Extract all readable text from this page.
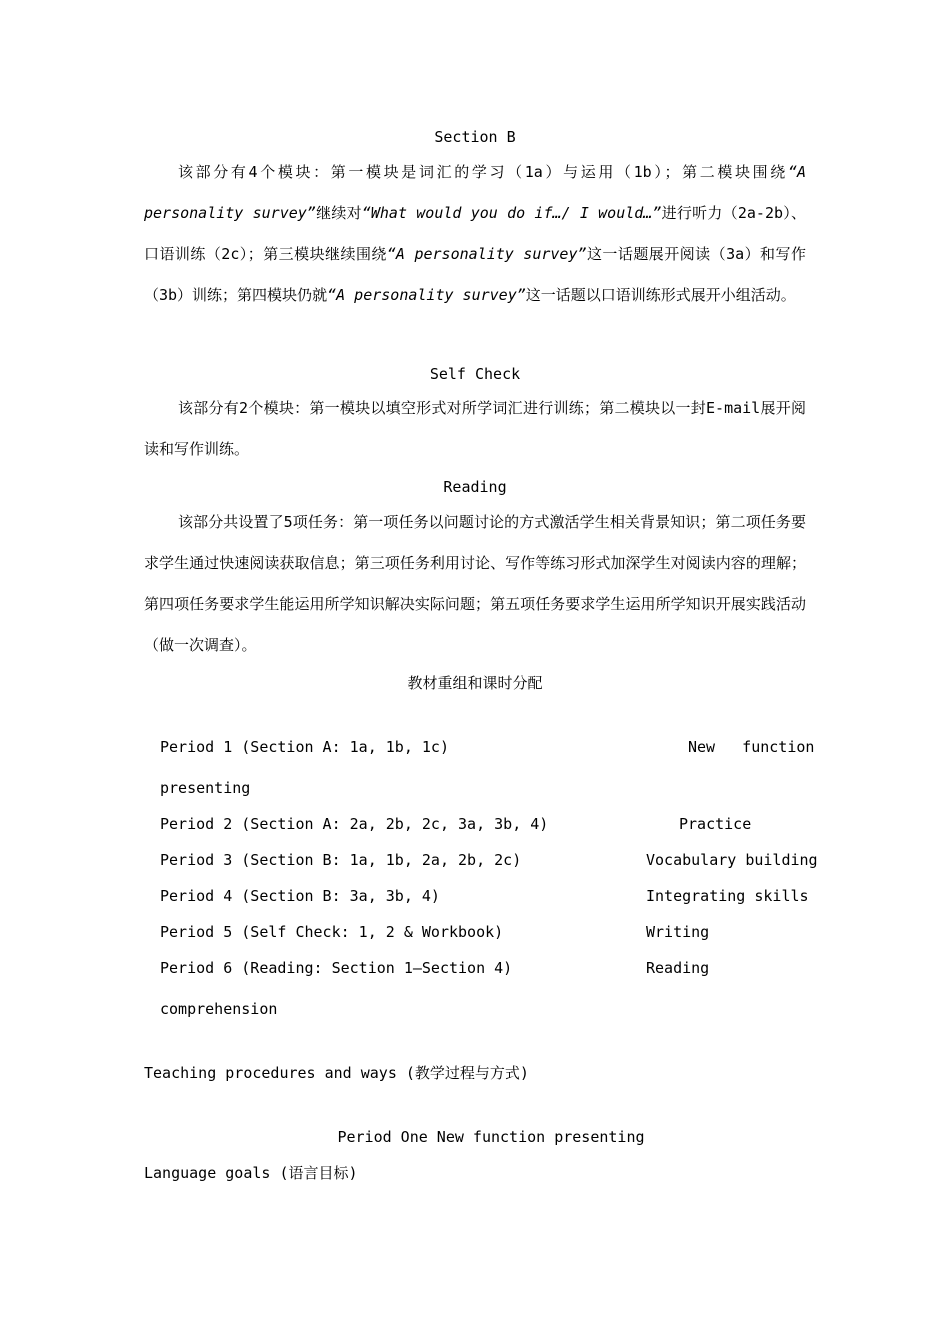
Section B

该部分有4个模块：第一模块是词汇的学习（1a）与运用（1b）；第二模块围绕“A personality survey”继续对“What would you do if…/ I would…”进行听力（2a-2b）、口语训练（2c）；第三模块继续围绕“A personality survey”这一话题展开阅读（3a）和写作（3b）训练；第四模块仍就“A personality survey”这一话题以口语训练形式展开小组活动。

Self Check

该部分有2个模块：第一模块以填空形式对所学词汇进行训练；第二模块以一封E-mail展开阅读和写作训练。

Reading

该部分共设置了5项任务：第一项任务以问题讨论的方式激活学生相关背景知识；第二项任务要求学生通过快速阅读获取信息；第三项任务利用讨论、写作等练习形式加深学生对阅读内容的理解；第四项任务要求学生能运用所学知识解决实际问题；第五项任务要求学生运用所学知识开展实践活动（做一次调查）。

教材重组和课时分配
Period 1 (Section A: 1a, 1b, 1c)	New   function
presenting
Period 2 (Section A: 2a, 2b, 2c, 3a, 3b, 4)	Practice
Period 3 (Section B: 1a, 1b, 2a, 2b, 2c)	Vocabulary building
Period 4 (Section B: 3a, 3b, 4)	Integrating skills
Period 5 (Self Check: 1, 2 & Workbook)	Writing
Period 6 (Reading: Section 1—Section 4)	Reading
comprehension
Teaching procedures and ways (教学过程与方式)
Period One New function presenting
Language goals (语言目标)
